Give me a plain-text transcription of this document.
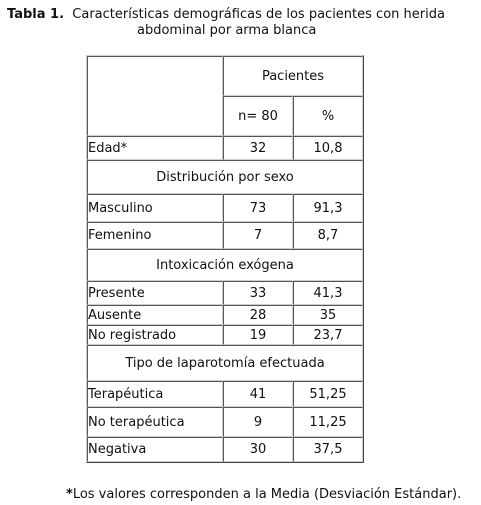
Tabla 1. Características demográficas de los pacientes con herida
abdominal por arma blanca
	Pacientes	
	n= 80	%
Edad*	32	10,8
Distribución por sexo		
Masculino	73	91,3
Femenino	7	8,7
Intoxicación exógena		
Presente	33	41,3
Ausente	28	35
No registrado	19	23,7
Tipo de laparotomía efectuada		
Terapéutica	41	51,25
No terapéutica	9	11,25
Negativa	30	37,5
*Los valores corresponden a la Media (Desviación Estándar).
